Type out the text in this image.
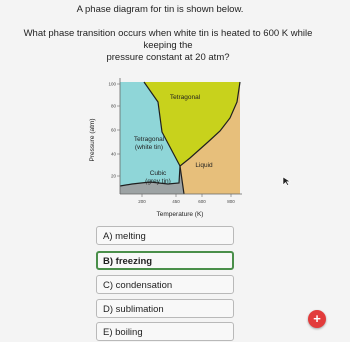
A phase diagram for tin is shown below.
What phase transition occurs when white tin is heated to 600 K while keeping the
pressure constant at 20 atm?
100
80
60
40
20
200	450	600	800
Pressure (atm)
Temperature (K)
Tetragonal
Tetragonal
(white tin)
Cubic
(grey tin)
Liquid
A) melting
B) freezing
C) condensation
D) sublimation
E) boiling
+
